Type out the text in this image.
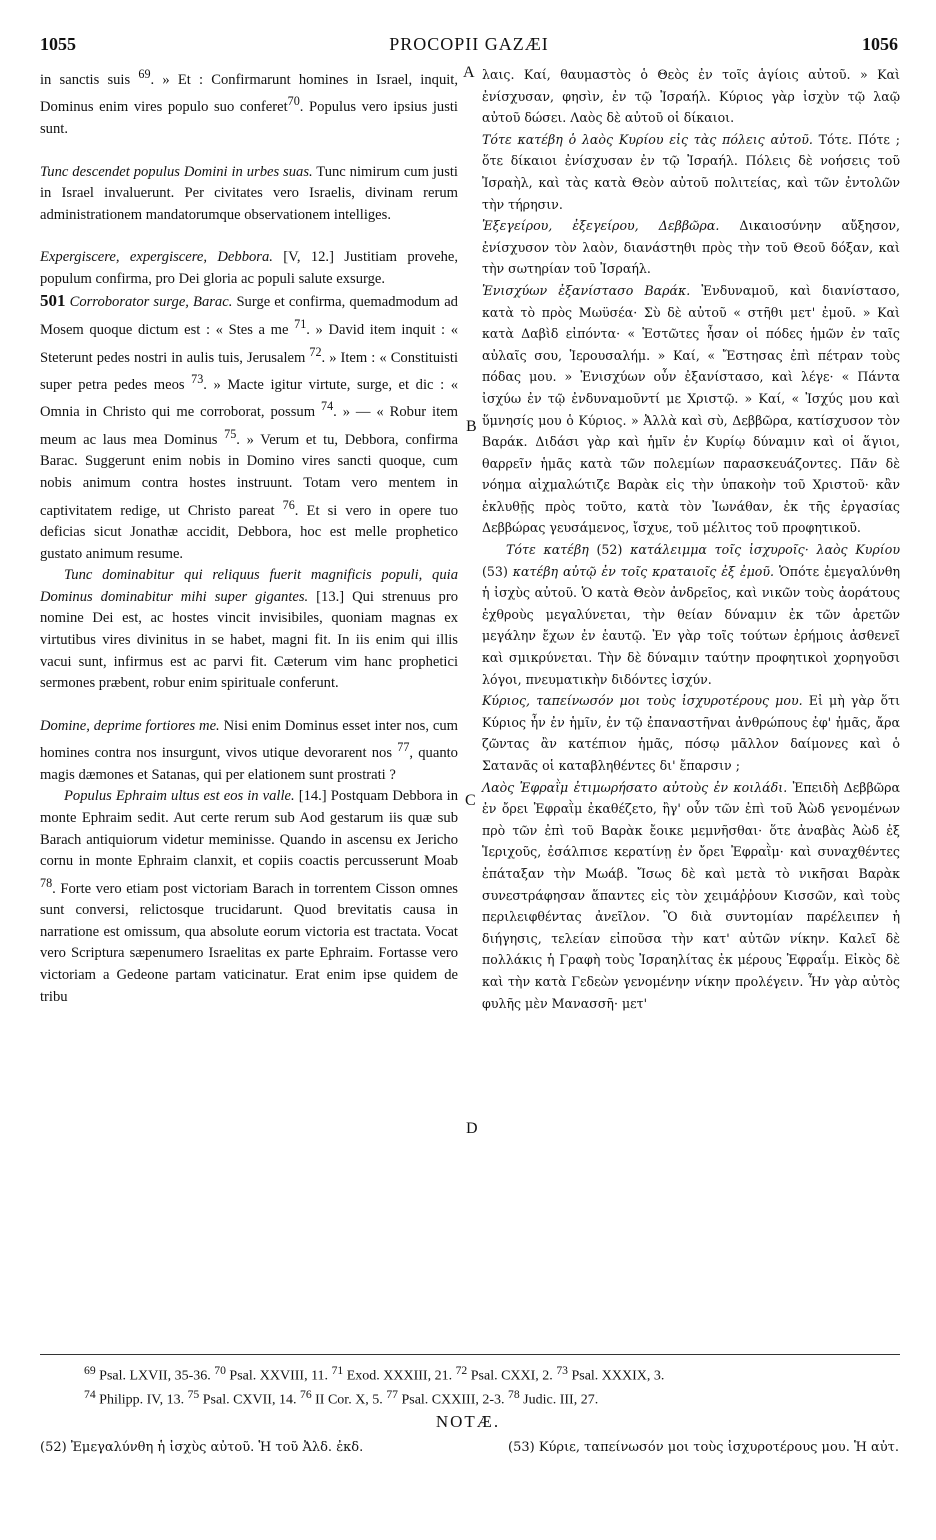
1055	PROCOPII GAZÆI	1056

in sanctis suis $^{69}$. » Et : Confirmarunt homines in Israel, inquit, Dominus enim vires populo suo conferet$^{70}$. Populus vero ipsius justi sunt.

Tunc descendet populus Domini in urbes suas. Tunc nimirum cum justi in Israel invaluerunt. Per civitates vero Israelis, divinam rerum administrationem mandatorumque observationem intelliges.

Expergiscere, expergiscere, Debbora. [V, 12.] Justitiam provehe, populum confirma, pro Dei gloria ac populi salute exsurge.

501 Corroborator surge, Barac. Surge et confirma, quemadmodum ad Mosem quoque dictum est : « Stes a me $^{71}$. » David item inquit : « Steterunt pedes nostri in aulis tuis, Jerusalem $^{72}$. » Item : « Constituisti super petra pedes meos $^{73}$. » Macte igitur virtute, surge, et dic : « Omnia in Christo qui me corroborat, possum $^{74}$. » — « Robur item meum ac laus mea Dominus $^{75}$. » Verum et tu, Debbora, confirma Barac. Suggerunt enim nobis in Domino vires sancti quoque, cum nobis animum contra hostes instruunt. Totam vero mentem in captivitatem redige, ut Christo pareat $^{76}$. Et si vero in opere tuo deficias sicut Jonathæ accidit, Debbora, hoc est melle prophetico gustato animum resume.

Tunc dominabitur qui reliquus fuerit magnificis populi, quia Dominus dominabitur mihi super gigantes. [13.] Qui strenuus pro nomine Dei est, ac hostes vincit invisibiles, quoniam magnas ex virtutibus vires divinitus in se habet, magni fit. In iis enim qui illis vacui sunt, infirmus est ac parvi fit. Cæterum vim hanc prophetici sermones præbent, robur enim spirituale conferunt.

Domine, deprime fortiores me. Nisi enim Dominus esset inter nos, cum homines contra nos insurgunt, vivos utique devorarent nos $^{77}$, quanto magis dæmones et Satanas, qui per elationem sunt prostrati ?

Populus Ephraim ultus est eos in valle. [14.] Postquam Debbora in monte Ephraim sedit. Aut certe rerum sub Aod gestarum iis quæ sub Barach antiquiorum videtur meminisse. Quando in ascensu ex Jericho cornu in monte Ephraim clanxit, et copiis coactis percusserunt Moab $^{78}$. Forte vero etiam post victoriam Barach in torrentem Cisson omnes sunt conversi, relictosque trucidarunt. Quod brevitatis causa in narratione est omissum, qua absolute eorum victoria est tractata. Vocat vero Scriptura sæpenumero Israelitas ex parte Ephraim. Fortasse vero victoriam a Gedeone partam vaticinatur. Erat enim ipse quidem de tribu

λαις. Καί, θαυμαστὸς ὁ Θεὸς ἐν τοῖς ἁγίοις αὐτοῦ. » Καὶ ἐνίσχυσαν, φησὶν, ἐν τῷ Ἰσραήλ. Κύριος γὰρ ἰσχὺν τῷ λαῷ αὐτοῦ δώσει. Λαὸς δὲ αὐτοῦ οἱ δίκαιοι.

Τότε κατέβη ὁ λαὸς Κυρίου εἰς τὰς πόλεις αὐτοῦ. Τότε. Πότε ; ὅτε δίκαιοι ἐνίσχυσαν ἐν τῷ Ἰσραήλ. Πόλεις δὲ νοήσεις τοῦ Ἰσραὴλ, καὶ τὰς κατὰ Θεὸν αὐτοῦ πολιτείας, καὶ τῶν ἐντολῶν τὴν τήρησιν.

Ἐξεγείρου, ἐξεγείρου, Δεββῶρα. Δικαιοσύνην αὔξησον, ἐνίσχυσον τὸν λαὸν, διανάστηθι πρὸς τὴν τοῦ Θεοῦ δόξαν, καὶ τὴν σωτηρίαν τοῦ Ἰσραήλ.

Ἐνισχύων ἐξανίστασο Βαράκ. Ἐνδυναμοῦ, καὶ διανίστασο, κατὰ τὸ πρὸς Μωϋσέα· Σὺ δὲ αὐτοῦ « στῆθι μετ' ἐμοῦ. » Καὶ κατὰ Δαβὶδ εἰπόντα· « Ἑστῶτες ἦσαν οἱ πόδες ἡμῶν ἐν ταῖς αὐλαῖς σου, Ἱερουσαλήμ. » Καί, « Ἔστησας ἐπὶ πέτραν τοὺς πόδας μου. » Ἐνισχύων οὖν ἐξανίστασο, καὶ λέγε· « Πάντα ἰσχύω ἐν τῷ ἐνδυναμοῦντί με Χριστῷ. » Καί, « Ἰσχύς μου καὶ ὕμνησίς μου ὁ Κύριος. » Ἀλλὰ καὶ σὺ, Δεββῶρα, κατίσχυσον τὸν Βαράκ. Διδάσι γὰρ καὶ ἡμῖν ἐν Κυρίῳ δύναμιν καὶ οἱ ἅγιοι, θαρρεῖν ἡμᾶς κατὰ τῶν πολεμίων παρασκευάζοντες. Πᾶν δὲ νόημα αἰχμαλώτιζε Βαρὰκ εἰς τὴν ὑπακοὴν τοῦ Χριστοῦ· κἂν ἐκλυθῇς πρὸς τοῦτο, κατὰ τὸν Ἰωνάθαν, ἐκ τῆς ἐργασίας Δεββώρας γευσάμενος, ἴσχυε, τοῦ μέλιτος τοῦ προφητικοῦ.

Τότε κατέβη (52) κατάλειμμα τοῖς ἰσχυροῖς· λαὸς Κυρίου (53) κατέβη αὐτῷ ἐν τοῖς κραταιοῖς ἐξ ἐμοῦ. Ὁπότε ἐμεγαλύνθη ἡ ἰσχὺς αὐτοῦ. Ὁ κατὰ Θεὸν ἀνδρεῖος, καὶ νικῶν τοὺς ἀοράτους ἐχθροὺς μεγαλύνεται, τὴν θείαν δύναμιν ἐκ τῶν ἀρετῶν μεγάλην ἔχων ἐν ἑαυτῷ. Ἐν γὰρ τοῖς τούτων ἐρήμοις ἀσθενεῖ καὶ σμικρύνεται. Τὴν δὲ δύναμιν ταύτην προφητικοὶ χορηγοῦσι λόγοι, πνευματικὴν διδόντες ἰσχύν.

Κύριος, ταπείνωσόν μοι τοὺς ἰσχυροτέρους μου. Εἰ μὴ γὰρ ὅτι Κύριος ἦν ἐν ἡμῖν, ἐν τῷ ἐπαναστῆναι ἀνθρώπους ἐφ' ἡμᾶς, ἄρα ζῶντας ἂν κατέπιον ἡμᾶς, πόσῳ μᾶλλον δαίμονες καὶ ὁ Σατανᾶς οἱ καταβληθέντες δι' ἔπαρσιν ;

Λαὸς Ἐφραῒμ ἐτιμωρήσατο αὐτοὺς ἐν κοιλάδι. Ἐπειδὴ Δεββῶρα ἐν ὄρει Ἐφραῒμ ἐκαθέζετο, ἢγ' οὖν τῶν ἐπὶ τοῦ Ἀὼδ γενομένων πρὸ τῶν ἐπὶ τοῦ Βαρὰκ ἔοικε μεμνῆσθαι· ὅτε ἀναβὰς Ἀὼδ ἐξ Ἱεριχοῦς, ἐσάλπισε κερατίνῃ ἐν ὄρει Ἐφραῒμ· καὶ συναχθέντες ἐπάταξαν τὴν Μωάβ. Ἴσως δὲ καὶ μετὰ τὸ νικῆσαι Βαρὰκ συνεστράφησαν ἅπαντες εἰς τὸν χειμάῤῥουν Κισσῶν, καὶ τοὺς περιλειφθέντας ἀνεῖλον. Ὃ διὰ συντομίαν παρέλειπεν ἡ διήγησις, τελείαν εἰποῦσα τὴν κατ' αὐτῶν νίκην. Καλεῖ δὲ πολλάκις ἡ Γραφὴ τοὺς Ἰσραηλίτας ἐκ μέρους Ἐφραΐμ. Εἰκὸς δὲ καὶ τὴν κατὰ Γεδεὼν γενομένην νίκην προλέγειν. Ἦν γὰρ αὐτὸς φυλῆς μὲν Μανασσῆ· μετ'

A
B
C
D
$^{69}$ Psal. LXVII, 35-36. $^{70}$ Psal. XXVIII, 11. $^{71}$ Exod. XXXIII, 21. $^{72}$ Psal. CXXI, 2. $^{73}$ Psal. XXXIX, 3.
$^{74}$ Philipp. IV, 13. $^{75}$ Psal. CXVII, 14. $^{76}$ II Cor. X, 5. $^{77}$ Psal. CXXIII, 2-3. $^{78}$ Judic. III, 27.
NOTÆ.
(52) Ἐμεγαλύνθη ἡ ἰσχὺς αὐτοῦ. Ἡ τοῦ Ἀλδ. ἐκδ.	(53) Κύριε, ταπείνωσόν μοι τοὺς ἰσχυροτέρους μου. Ἡ αὐτ.
